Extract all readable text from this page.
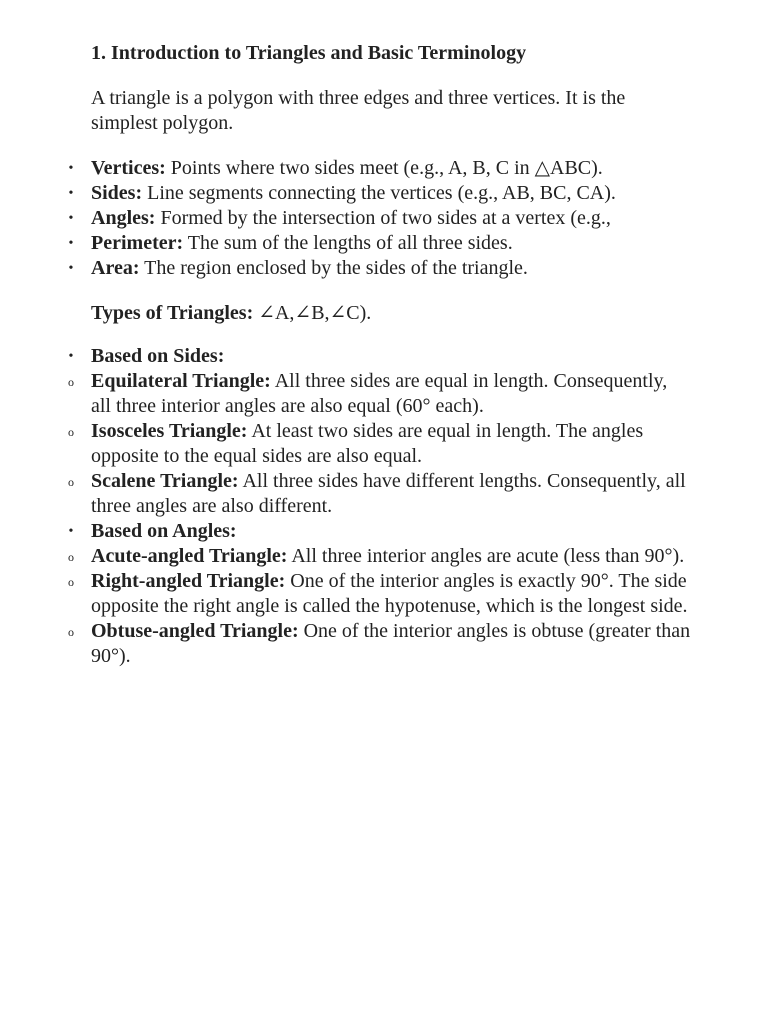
1. Introduction to Triangles and Basic Terminology

A triangle is a polygon with three edges and three vertices. It is the simplest polygon.

• Vertices: Points where two sides meet (e.g., A, B, C in △ABC).
• Sides: Line segments connecting the vertices (e.g., AB, BC, CA).
• Angles: Formed by the intersection of two sides at a vertex (e.g.,
• Perimeter: The sum of the lengths of all three sides.
• Area: The region enclosed by the sides of the triangle.

Types of Triangles: ∠A,∠B,∠C).

• Based on Sides:
o Equilateral Triangle: All three sides are equal in length. Consequently, all three interior angles are also equal (60° each).
o Isosceles Triangle: At least two sides are equal in length. The angles opposite to the equal sides are also equal.
o Scalene Triangle: All three sides have different lengths. Consequently, all three angles are also different.
• Based on Angles:
o Acute-angled Triangle: All three interior angles are acute (less than 90°).
o Right-angled Triangle: One of the interior angles is exactly 90°. The side opposite the right angle is called the hypotenuse, which is the longest side.
o Obtuse-angled Triangle: One of the interior angles is obtuse (greater than 90°).
